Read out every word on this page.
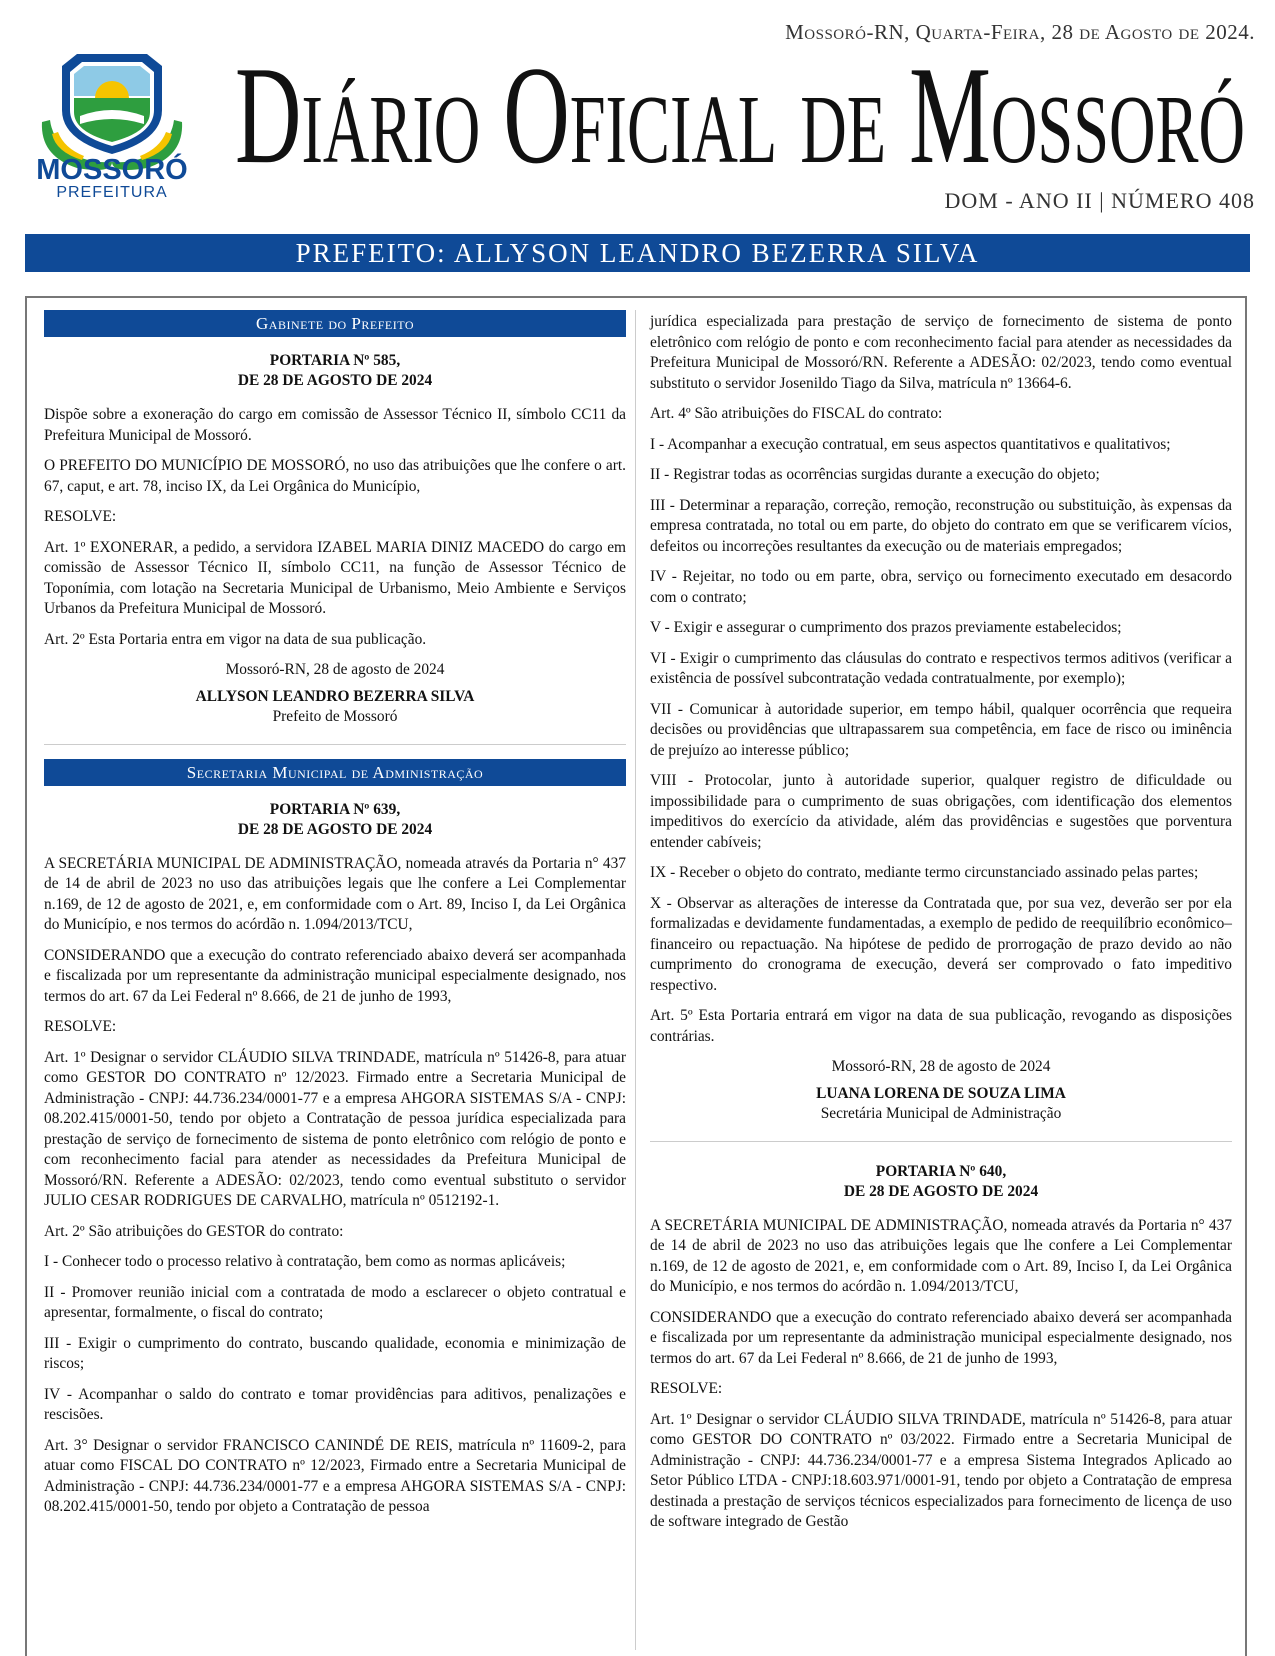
MOSSORÓ
PREFEITURA
Mossoró-RN, Quarta-Feira, 28 de Agosto de 2024.
Diário Oficial de Mossoró
DOM - ANO II | NÚMERO 408
PREFEITO: ALLYSON LEANDRO BEZERRA SILVA
Gabinete do Prefeito
PORTARIA Nº 585,
DE 28 DE AGOSTO DE 2024

Dispõe sobre a exoneração do cargo em comissão de Assessor Técnico II, símbolo CC11 da Prefeitura Municipal de Mossoró.

O PREFEITO DO MUNICÍPIO DE MOSSORÓ, no uso das atribuições que lhe confere o art. 67, caput, e art. 78, inciso IX, da Lei Orgânica do Município,

RESOLVE:

Art. 1º EXONERAR, a pedido, a servidora IZABEL MARIA DINIZ MACEDO do cargo em comissão de Assessor Técnico II, símbolo CC11, na função de Assessor Técnico de Toponímia, com lotação na Secretaria Municipal de Urbanismo, Meio Ambiente e Serviços Urbanos da Prefeitura Municipal de Mossoró.

Art. 2º Esta Portaria entra em vigor na data de sua publicação.

Mossoró-RN, 28 de agosto de 2024

ALLYSON LEANDRO BEZERRA SILVA

Prefeito de Mossoró

Secretaria Municipal de Administração
PORTARIA Nº 639,
DE 28 DE AGOSTO DE 2024

A SECRETÁRIA MUNICIPAL DE ADMINISTRAÇÃO, nomeada através da Portaria n° 437 de 14 de abril de 2023 no uso das atribuições legais que lhe confere a Lei Complementar n.169, de 12 de agosto de 2021, e, em conformidade com o Art. 89, Inciso I, da Lei Orgânica do Município, e nos termos do acórdão n. 1.094/2013/TCU,

CONSIDERANDO que a execução do contrato referenciado abaixo deverá ser acompanhada e fiscalizada por um representante da administração municipal especialmente designado, nos termos do art. 67 da Lei Federal nº 8.666, de 21 de junho de 1993,

RESOLVE:

Art. 1º Designar o servidor CLÁUDIO SILVA TRINDADE, matrícula nº 51426-8, para atuar como GESTOR DO CONTRATO nº 12/2023. Firmado entre a Secretaria Municipal de Administração - CNPJ: 44.736.234/0001-77 e a empresa AHGORA SISTEMAS S/A - CNPJ: 08.202.415/0001-50, tendo por objeto a Contratação de pessoa jurídica especializada para prestação de serviço de fornecimento de sistema de ponto eletrônico com relógio de ponto e com reconhecimento facial para atender as necessidades da Prefeitura Municipal de Mossoró/RN. Referente a ADESÃO: 02/2023, tendo como eventual substituto o servidor JULIO CESAR RODRIGUES DE CARVALHO, matrícula nº 0512192-1.

Art. 2º São atribuições do GESTOR do contrato:

I - Conhecer todo o processo relativo à contratação, bem como as normas aplicáveis;

II - Promover reunião inicial com a contratada de modo a esclarecer o objeto contratual e apresentar, formalmente, o fiscal do contrato;

III - Exigir o cumprimento do contrato, buscando qualidade, economia e minimização de riscos;

IV - Acompanhar o saldo do contrato e tomar providências para aditivos, penalizações e rescisões.

Art. 3° Designar o servidor FRANCISCO CANINDÉ DE REIS, matrícula nº 11609-2, para atuar como FISCAL DO CONTRATO nº 12/2023, Firmado entre a Secretaria Municipal de Administração - CNPJ: 44.736.234/0001-77 e a empresa AHGORA SISTEMAS S/A - CNPJ: 08.202.415/0001-50, tendo por objeto a Contratação de pessoa

jurídica especializada para prestação de serviço de fornecimento de sistema de ponto eletrônico com relógio de ponto e com reconhecimento facial para atender as necessidades da Prefeitura Municipal de Mossoró/RN. Referente a ADESÃO: 02/2023, tendo como eventual substituto o servidor Josenildo Tiago da Silva, matrícula nº 13664-6.

Art. 4º São atribuições do FISCAL do contrato:

I - Acompanhar a execução contratual, em seus aspectos quantitativos e qualitativos;

II - Registrar todas as ocorrências surgidas durante a execução do objeto;

III - Determinar a reparação, correção, remoção, reconstrução ou substituição, às expensas da empresa contratada, no total ou em parte, do objeto do contrato em que se verificarem vícios, defeitos ou incorreções resultantes da execução ou de materiais empregados;

IV - Rejeitar, no todo ou em parte, obra, serviço ou fornecimento executado em desacordo com o contrato;

V - Exigir e assegurar o cumprimento dos prazos previamente estabelecidos;

VI - Exigir o cumprimento das cláusulas do contrato e respectivos termos aditivos (verificar a existência de possível subcontratação vedada contratualmente, por exemplo);

VII - Comunicar à autoridade superior, em tempo hábil, qualquer ocorrência que requeira decisões ou providências que ultrapassarem sua competência, em face de risco ou iminência de prejuízo ao interesse público;

VIII - Protocolar, junto à autoridade superior, qualquer registro de dificuldade ou impossibilidade para o cumprimento de suas obrigações, com identificação dos elementos impeditivos do exercício da atividade, além das providências e sugestões que porventura entender cabíveis;

IX - Receber o objeto do contrato, mediante termo circunstanciado assinado pelas partes;

X - Observar as alterações de interesse da Contratada que, por sua vez, deverão ser por ela formalizadas e devidamente fundamentadas, a exemplo de pedido de reequilíbrio econômico–financeiro ou repactuação. Na hipótese de pedido de prorrogação de prazo devido ao não cumprimento do cronograma de execução, deverá ser comprovado o fato impeditivo respectivo.

Art. 5º Esta Portaria entrará em vigor na data de sua publicação, revogando as disposições contrárias.

Mossoró-RN, 28 de agosto de 2024

LUANA LORENA DE SOUZA LIMA

Secretária Municipal de Administração

PORTARIA Nº 640,
DE 28 DE AGOSTO DE 2024

A SECRETÁRIA MUNICIPAL DE ADMINISTRAÇÃO, nomeada através da Portaria n° 437 de 14 de abril de 2023 no uso das atribuições legais que lhe confere a Lei Complementar n.169, de 12 de agosto de 2021, e, em conformidade com o Art. 89, Inciso I, da Lei Orgânica do Município, e nos termos do acórdão n. 1.094/2013/TCU,

CONSIDERANDO que a execução do contrato referenciado abaixo deverá ser acompanhada e fiscalizada por um representante da administração municipal especialmente designado, nos termos do art. 67 da Lei Federal nº 8.666, de 21 de junho de 1993,

RESOLVE:

Art. 1º Designar o servidor CLÁUDIO SILVA TRINDADE, matrícula nº 51426-8, para atuar como GESTOR DO CONTRATO nº 03/2022. Firmado entre a Secretaria Municipal de Administração - CNPJ: 44.736.234/0001-77 e a empresa Sistema Integrados Aplicado ao Setor Público LTDA - CNPJ:18.603.971/0001-91, tendo por objeto a Contratação de empresa destinada a prestação de serviços técnicos especializados para fornecimento de licença de uso de software integrado de Gestão
